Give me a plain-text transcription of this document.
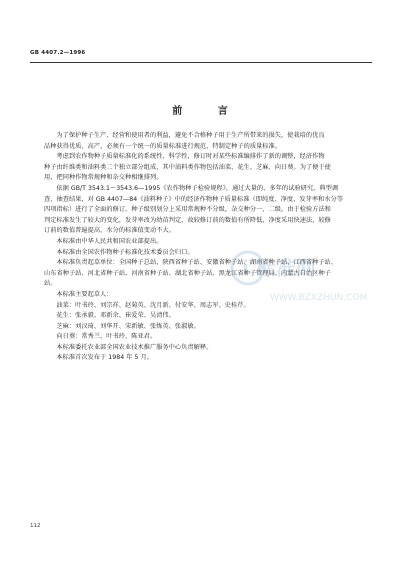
GB 4407.2—1996
前 言
为了保护种子生产、经营和使用者的利益，避免不合格种子用于生产所带来的损失，使栽培的优良
品种获得优质、高产，必须有一个统一的质量标准进行规范，特制定种子的质量标准。
考虑到农作物种子质量标准化的系统性、科学性，修订时对某些标准编排作了新的调整，经济作物
种子由纤维类和油料类二个独立部分组成，其中油料类作物包括油菜、花生、芝麻、向日葵。为了便于使
用，把同种作物常规种和杂交种相继排列。
依据 GB/T 3543.1～3543.6—1995《农作物种子检验规程》，通过大量的、多年的试验研究、典型调
查、抽查结果，对 GB 4407—84《油料种子》中的经济作物种子质量标准（即纯度、净度、发芽率和水分等
四项指标）进行了全面的修订。种子级别划分上采用常规种不分级，杂交种分一、二级。由于检验方法和
判定标准发生了较大的变化，发芽率改为幼苗判定，故较修订前的数值有所降低，净度采用快速法，较修
订前的数值普遍提高，水分的标准值变动不大。
本标准由中华人民共和国农业部提出。
本标准由全国农作物种子标准化技术委员会归口。
本标准负责起草单位：全国种子总站、陕西省种子站、安徽省种子站、湖南省种子站、江西省种子站、
山东省种子站、河北省种子站、河南省种子站、湖北省种子站、黑龙江省种子管理局、内蒙古自治区种子
站。
本标准主要起草人：
油菜：叶书玲、刘宗祥、赵菊英、沈月新、付安华、周志军、史桂芹。
花生：张承毅、邓新余、崔爱荣、吴清伟。
芝麻：刘汉琦、刘华开、宋新敏、张炼英、张淑敏。
向日葵：常秀兰、叶书玲、陈亚君。
本标准委托农业部全国农业技术推广服务中心负责解释。
本标准首次发布于 1984 年 5 月。
i 标准网
WWW.BZXZHUN.COM
112
